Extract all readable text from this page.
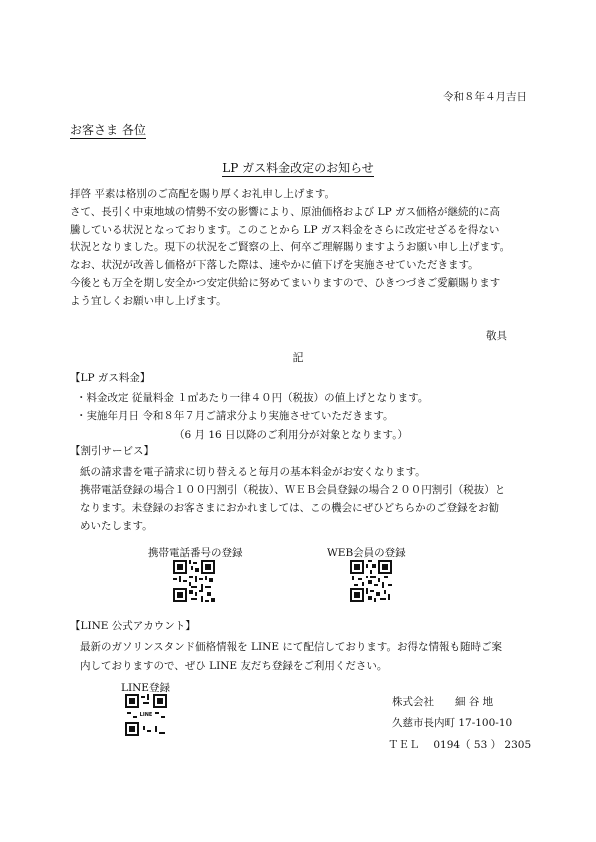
令和８年４月吉日
お客さま 各位
LP ガス料金改定のお知らせ

拝啓 平素は格別のご高配を賜り厚くお礼申し上げます。

さて、長引く中東地域の情勢不安の影響により、原油価格および LP ガス価格が継続的に高

騰している状況となっております。このことから LP ガス料金をさらに改定せざるを得ない

状況となりました。現下の状況をご賢察の上、何卒ご理解賜りますようお願い申し上げます。

なお、状況が改善し価格が下落した際は、速やかに値下げを実施させていただきます。

今後とも万全を期し安全かつ安定供給に努めてまいりますので、ひきつづきご愛顧賜ります

よう宜しくお願い申し上げます。

敬具
記
【LP ガス料金】
・料金改定 従量料金 １㎥あたり一律４０円（税抜）の値上げとなります。
・実施年月日 令和８年７月ご請求分より実施させていただきます。
（6 月 16 日以降のご利用分が対象となります。）
【割引サービス】
紙の請求書を電子請求に切り替えると毎月の基本料金がお安くなります。
携帯電話登録の場合１００円割引（税抜）、ＷＥＢ会員登録の場合２００円割引（税抜）と
なります。未登録のお客さまにおかれましては、この機会にぜひどちらかのご登録をお勧
めいたします。
携帯電話番号の登録	WEB会員の登録
【LINE 公式アカウント】
最新のガソリンスタンド価格情報を LINE にて配信しております。お得な情報も随時ご案
内しておりますので、ぜひ LINE 友だち登録をご利用ください。
LINE登録
LINE
株式会社　　細 谷 地
久慈市長内町 17-100-10
ＴＥＬ　 0194（ 53 ） 2305
